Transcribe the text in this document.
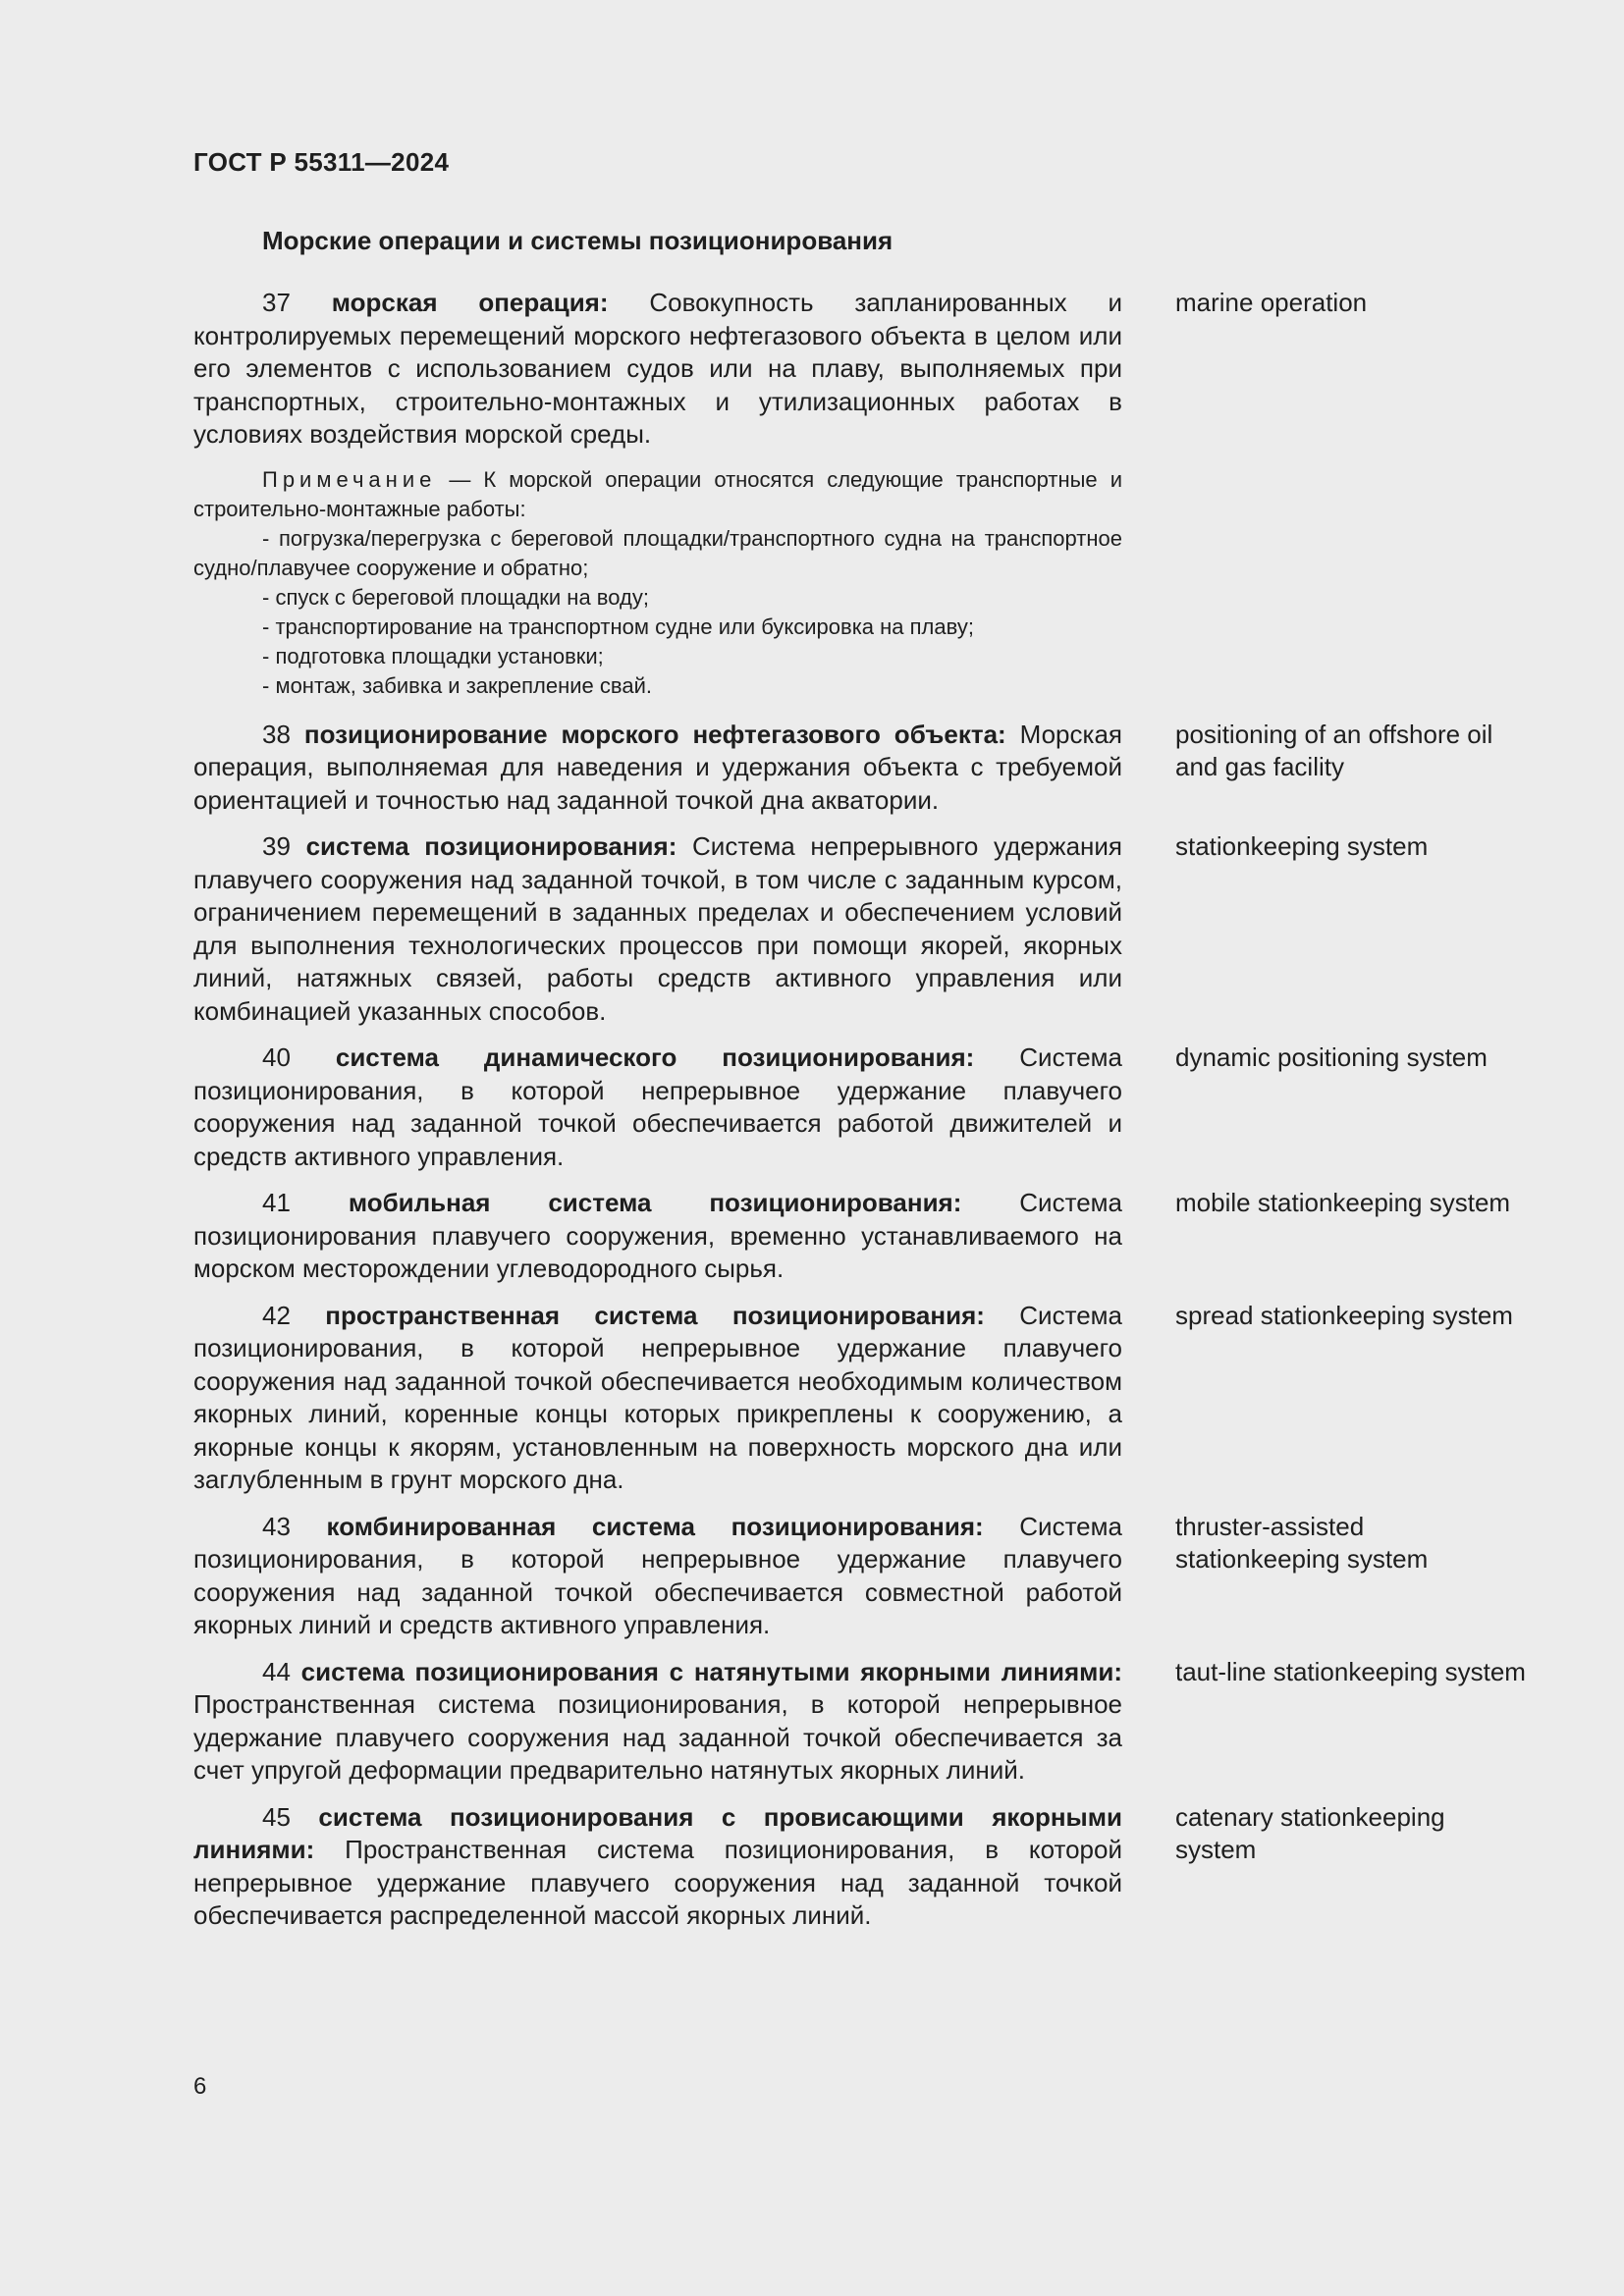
ГОСТ Р 55311—2024
Морские операции и системы позиционирования

37 морская операция: Совокупность запланированных и контролируемых перемещений морского нефтегазового объекта в целом или его элементов с использованием судов или на плаву, выполняемых при транспортных, строительно-монтажных и утилизационных работах в условиях воздействия морской среды.

marine operation

Примечание — К морской операции относятся следующие транспортные и строительно-монтажные работы:

- погрузка/перегрузка с береговой площадки/транспортного судна на транспортное судно/плавучее сооружение и обратно;

- спуск с береговой площадки на воду;

- транспортирование на транспортном судне или буксировка на плаву;

- подготовка площадки установки;

- монтаж, забивка и закрепление свай.

38 позиционирование морского нефтегазового объекта: Морская операция, выполняемая для наведения и удержания объекта с требуемой ориентацией и точностью над заданной точкой дна акватории.

positioning of an offshore oil and gas facility

39 система позиционирования: Система непрерывного удержания плавучего сооружения над заданной точкой, в том числе с заданным курсом, ограничением перемещений в заданных пределах и обеспечением условий для выполнения технологических процессов при помощи якорей, якорных линий, натяжных связей, работы средств активного управления или комбинацией указанных способов.

stationkeeping system

40 система динамического позиционирования: Система позиционирования, в которой непрерывное удержание плавучего сооружения над заданной точкой обеспечивается работой движителей и средств активного управления.

dynamic positioning system

41 мобильная система позиционирования: Система позиционирования плавучего сооружения, временно устанавливаемого на морском месторождении углеводородного сырья.

mobile stationkeeping system

42 пространственная система позиционирования: Система позиционирования, в которой непрерывное удержание плавучего сооружения над заданной точкой обеспечивается необходимым количеством якорных линий, коренные концы которых прикреплены к сооружению, а якорные концы к якорям, установленным на поверхность морского дна или заглубленным в грунт морского дна.

spread stationkeeping system

43 комбинированная система позиционирования: Система позиционирования, в которой непрерывное удержание плавучего сооружения над заданной точкой обеспечивается совместной работой якорных линий и средств активного управления.

thruster-assisted stationkeeping system

44 система позиционирования с натянутыми якорными линиями: Пространственная система позиционирования, в которой непрерывное удержание плавучего сооружения над заданной точкой обеспечивается за счет упругой деформации предварительно натянутых якорных линий.

taut-line stationkeeping system

45 система позиционирования с провисающими якорными линиями: Пространственная система позиционирования, в которой непрерывное удержание плавучего сооружения над заданной точкой обеспечивается распределенной массой якорных линий.

catenary stationkeeping system

6
